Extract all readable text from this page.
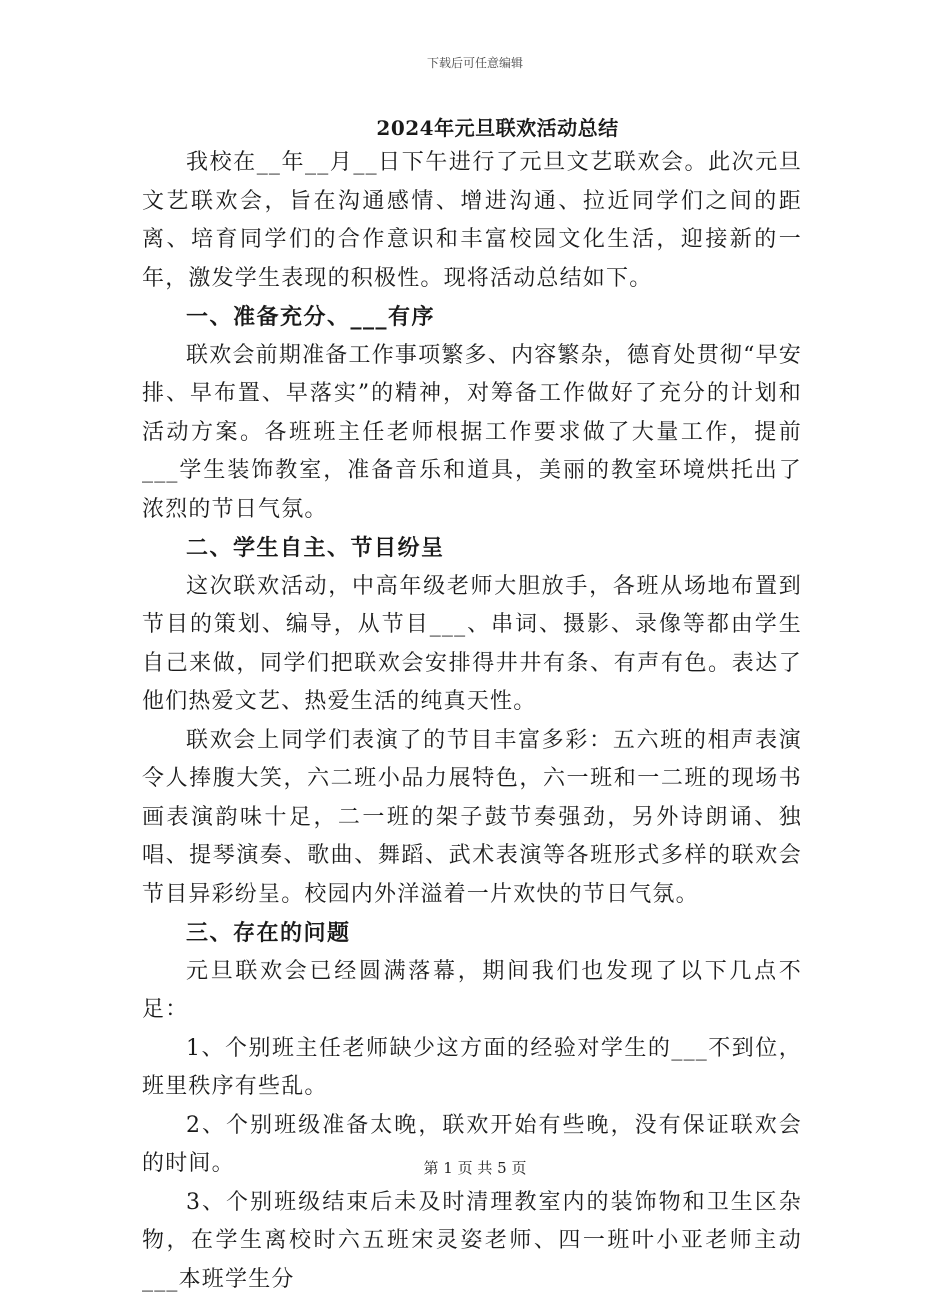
下载后可任意编辑
2024年元旦联欢活动总结

我校在__年__月__日下午进行了元旦文艺联欢会。此次元旦文艺联欢会，旨在沟通感情、增进沟通、拉近同学们之间的距离、培育同学们的合作意识和丰富校园文化生活，迎接新的一年，激发学生表现的积极性。现将活动总结如下。

一、准备充分、___有序

联欢会前期准备工作事项繁多、内容繁杂，德育处贯彻“早安排、早布置、早落实”的精神，对筹备工作做好了充分的计划和活动方案。各班班主任老师根据工作要求做了大量工作，提前___学生装饰教室，准备音乐和道具，美丽的教室环境烘托出了浓烈的节日气氛。

二、学生自主、节目纷呈

这次联欢活动，中高年级老师大胆放手，各班从场地布置到节目的策划、编导，从节目___、串词、摄影、录像等都由学生自己来做，同学们把联欢会安排得井井有条、有声有色。表达了他们热爱文艺、热爱生活的纯真天性。

联欢会上同学们表演了的节目丰富多彩：五六班的相声表演令人捧腹大笑，六二班小品力展特色，六一班和一二班的现场书画表演韵味十足，二一班的架子鼓节奏强劲，另外诗朗诵、独唱、提琴演奏、歌曲、舞蹈、武术表演等各班形式多样的联欢会节目异彩纷呈。校园内外洋溢着一片欢快的节日气氛。

三、存在的问题

元旦联欢会已经圆满落幕，期间我们也发现了以下几点不足：

1、个别班主任老师缺少这方面的经验对学生的___不到位，班里秩序有些乱。

2、个别班级准备太晚，联欢开始有些晚，没有保证联欢会的时间。

3、个别班级结束后未及时清理教室内的装饰物和卫生区杂物，在学生离校时六五班宋灵姿老师、四一班叶小亚老师主动___本班学生分

第 1 页 共 5 页
